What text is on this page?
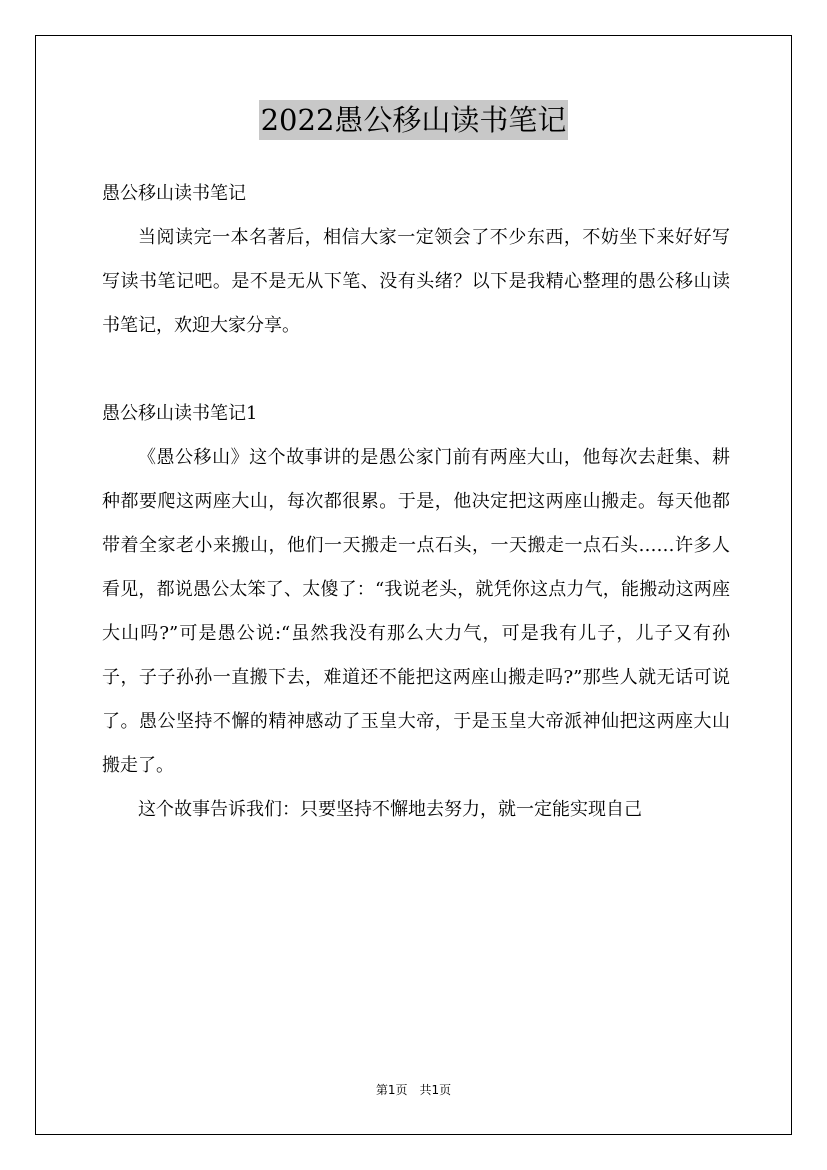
2022愚公移山读书笔记

愚公移山读书笔记

当阅读完一本名著后，相信大家一定领会了不少东西，不妨坐下来好好写写读书笔记吧。是不是无从下笔、没有头绪？以下是我精心整理的愚公移山读书笔记，欢迎大家分享。

愚公移山读书笔记1

《愚公移山》这个故事讲的是愚公家门前有两座大山，他每次去赶集、耕种都要爬这两座大山，每次都很累。于是，他决定把这两座山搬走。每天他都带着全家老小来搬山，他们一天搬走一点石头，一天搬走一点石头……许多人看见，都说愚公太笨了、太傻了：“我说老头，就凭你这点力气，能搬动这两座大山吗?”可是愚公说:“虽然我没有那么大力气，可是我有儿子，儿子又有孙子，子子孙孙一直搬下去，难道还不能把这两座山搬走吗?”那些人就无话可说了。愚公坚持不懈的精神感动了玉皇大帝，于是玉皇大帝派神仙把这两座大山搬走了。

这个故事告诉我们：只要坚持不懈地去努力，就一定能实现自己

第1页　共1页
